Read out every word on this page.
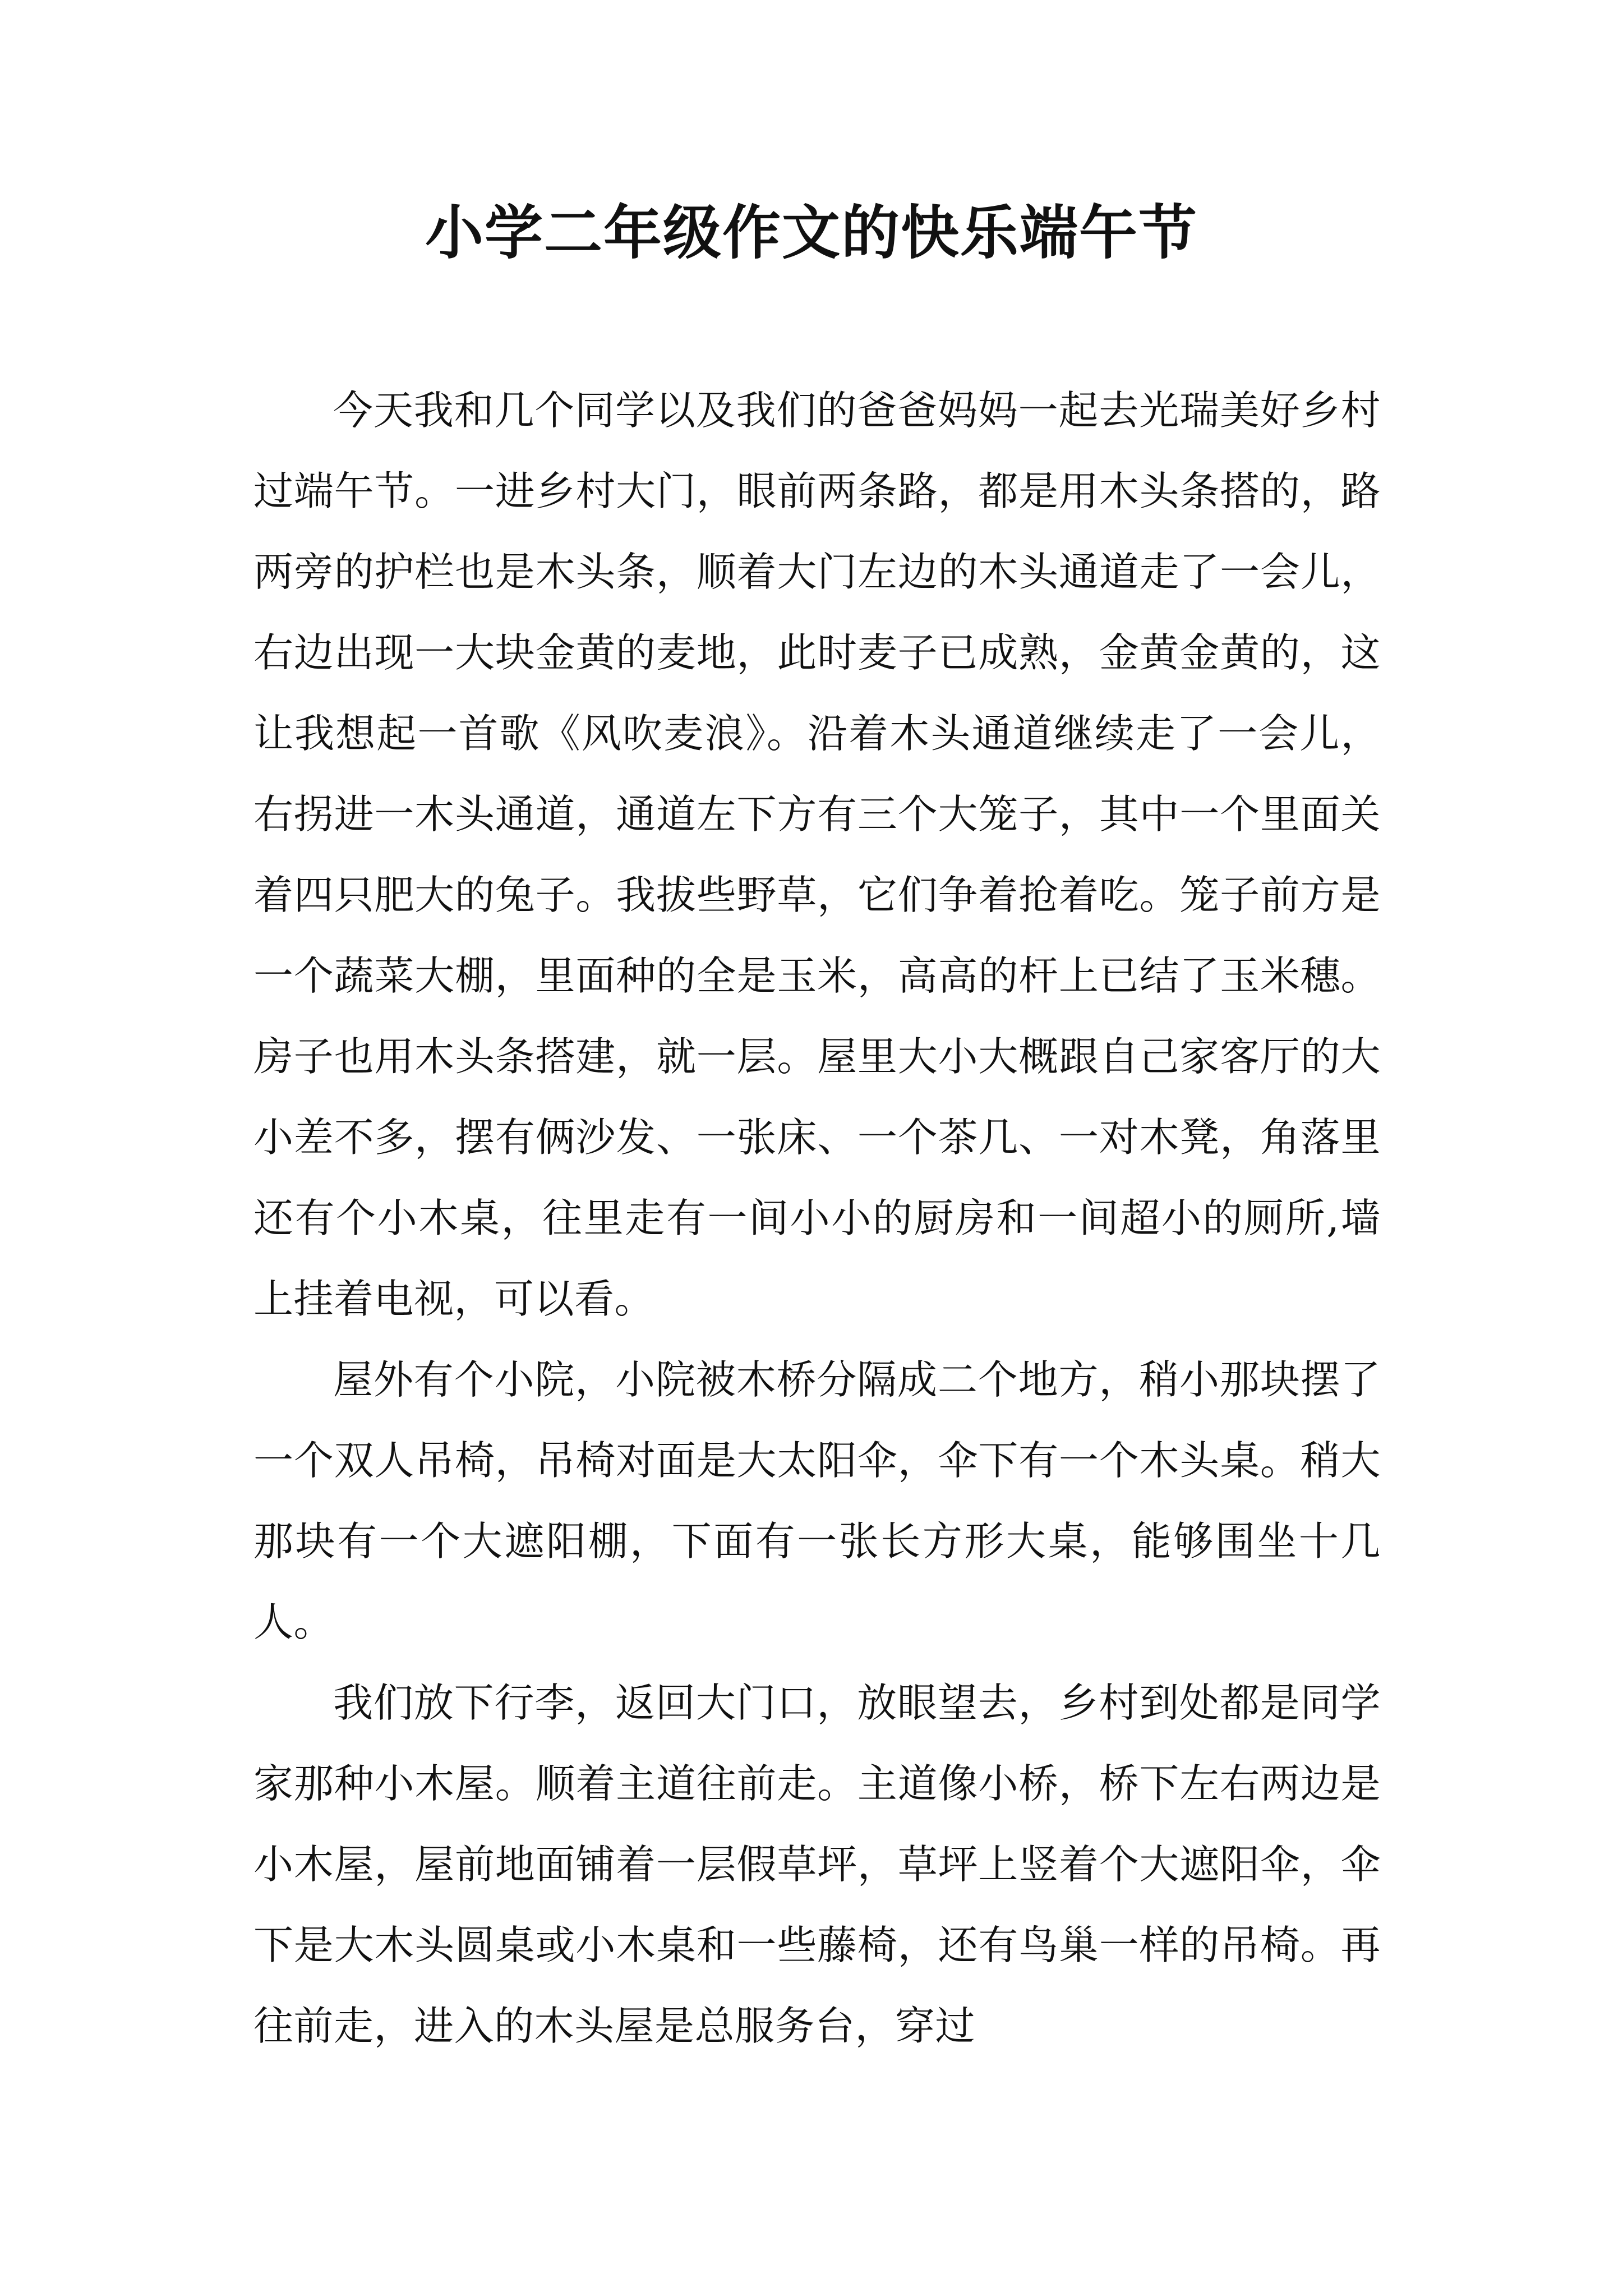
小学二年级作文的快乐端午节

今天我和几个同学以及我们的爸爸妈妈一起去光瑞美好乡村过端午节。一进乡村大门，眼前两条路，都是用木头条搭的，路两旁的护栏也是木头条，顺着大门左边的木头通道走了一会儿，右边出现一大块金黄的麦地，此时麦子已成熟，金黄金黄的，这让我想起一首歌《风吹麦浪》。沿着木头通道继续走了一会儿，右拐进一木头通道，通道左下方有三个大笼子，其中一个里面关着四只肥大的兔子。我拔些野草，它们争着抢着吃。笼子前方是一个蔬菜大棚，里面种的全是玉米，高高的杆上已结了玉米穗。房子也用木头条搭建，就一层。屋里大小大概跟自己家客厅的大小差不多，摆有俩沙发、一张床、一个茶几、一对木凳，角落里还有个小木桌，往里走有一间小小的厨房和一间超小的厕所,墙上挂着电视，可以看。

屋外有个小院，小院被木桥分隔成二个地方，稍小那块摆了一个双人吊椅，吊椅对面是大太阳伞，伞下有一个木头桌。稍大那块有一个大遮阳棚，下面有一张长方形大桌，能够围坐十几人。

我们放下行李，返回大门口，放眼望去，乡村到处都是同学家那种小木屋。顺着主道往前走。主道像小桥，桥下左右两边是小木屋，屋前地面铺着一层假草坪，草坪上竖着个大遮阳伞，伞下是大木头圆桌或小木桌和一些藤椅，还有鸟巢一样的吊椅。再往前走，进入的木头屋是总服务台，穿过
